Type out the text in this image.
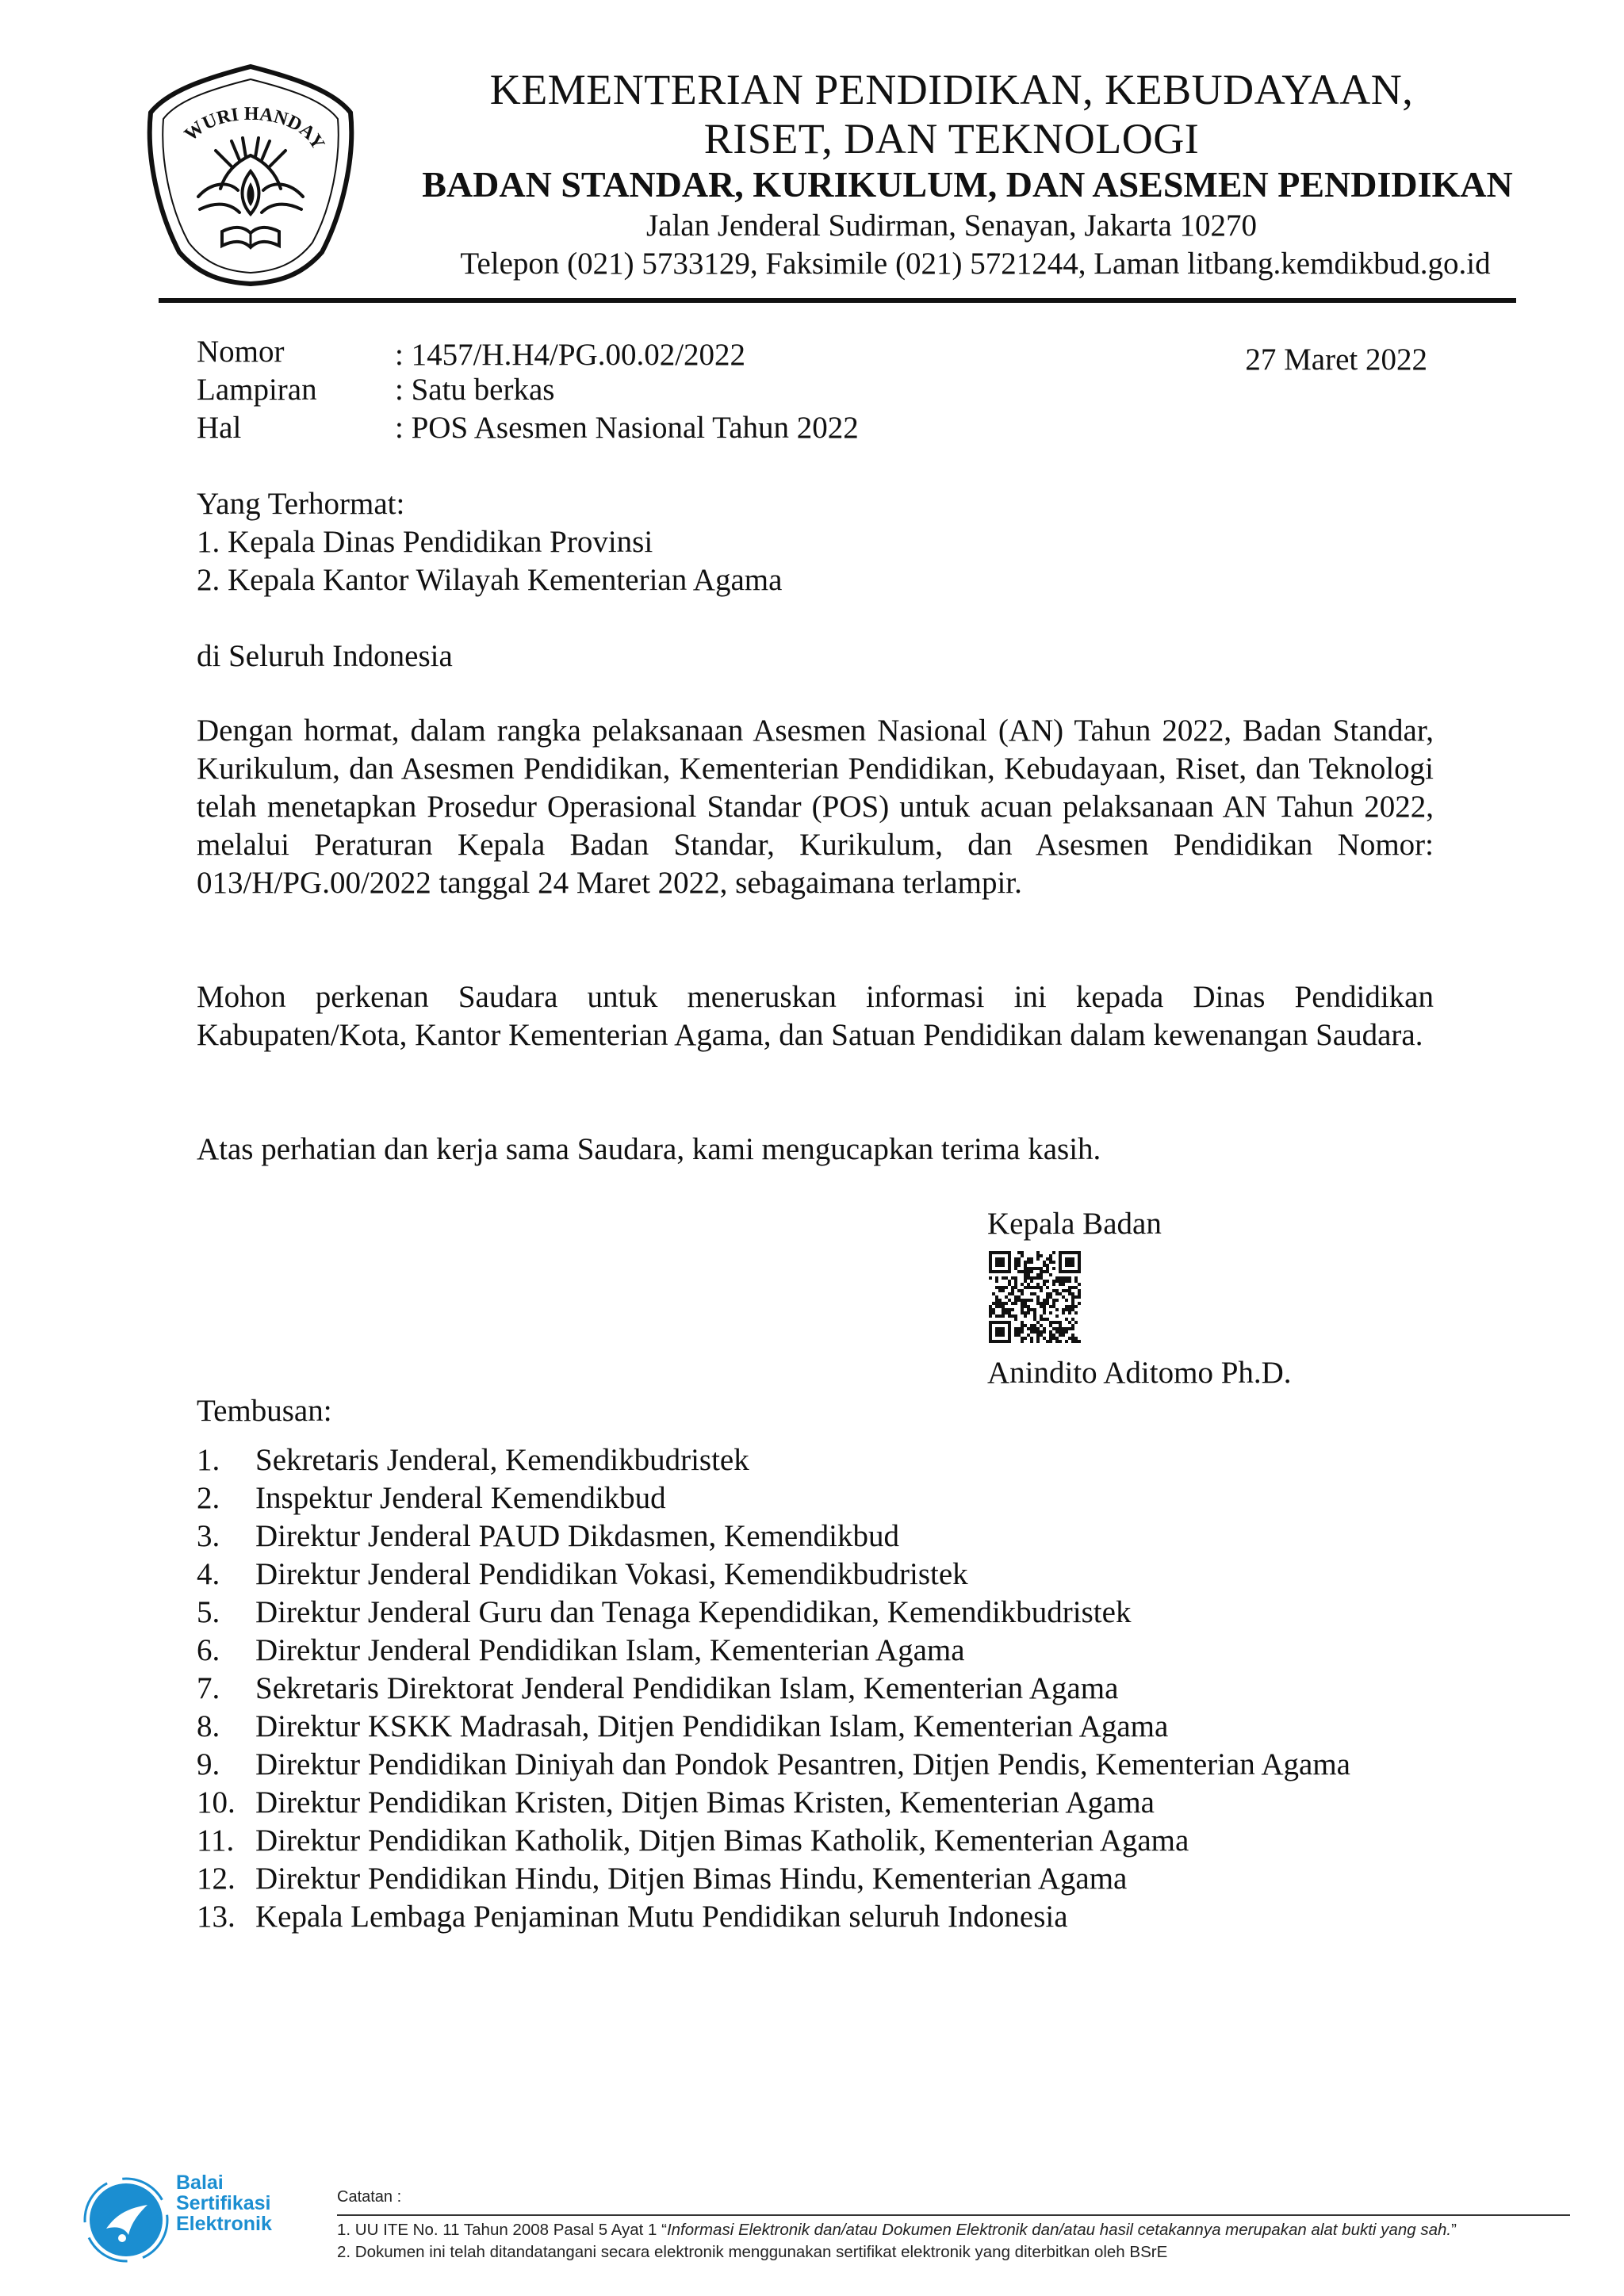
WURI HANDAY
KEMENTERIAN PENDIDIKAN, KEBUDAYAAN,
RISET, DAN TEKNOLOGI
BADAN STANDAR, KURIKULUM, DAN ASESMEN PENDIDIKAN
Jalan Jenderal Sudirman, Senayan, Jakarta 10270
Telepon (021) 5733129, Faksimile (021) 5721244, Laman litbang.kemdikbud.go.id
Nomor	: 1457/H.H4/PG.00.02/2022	27 Maret 2022
Lampiran	: Satu berkas
Hal	: POS Asesmen Nasional Tahun 2022
Yang Terhormat:
1. Kepala Dinas Pendidikan Provinsi
2. Kepala Kantor Wilayah Kementerian Agama
di Seluruh Indonesia
Dengan hormat, dalam rangka pelaksanaan Asesmen Nasional (AN) Tahun 2022, Badan Standar, Kurikulum, dan Asesmen Pendidikan, Kementerian Pendidikan, Kebudayaan, Riset, dan Teknologi telah menetapkan Prosedur Operasional Standar (POS) untuk acuan pelaksanaan AN Tahun 2022, melalui Peraturan Kepala Badan Standar, Kurikulum, dan Asesmen Pendidikan Nomor: 013/H/PG.00/2022 tanggal 24 Maret 2022, sebagaimana terlampir.
Mohon perkenan Saudara untuk meneruskan informasi ini kepada Dinas Pendidikan Kabupaten/Kota, Kantor Kementerian Agama, dan Satuan Pendidikan dalam kewenangan Saudara.
Atas perhatian dan kerja sama Saudara, kami mengucapkan terima kasih.
Kepala Badan
Anindito Aditomo Ph.D.
Tembusan:
1. Sekretaris Jenderal, Kemendikbudristek
2. Inspektur Jenderal Kemendikbud
3. Direktur Jenderal PAUD Dikdasmen, Kemendikbud
4. Direktur Jenderal Pendidikan Vokasi, Kemendikbudristek
5. Direktur Jenderal Guru dan Tenaga Kependidikan, Kemendikbudristek
6. Direktur Jenderal Pendidikan Islam, Kementerian Agama
7. Sekretaris Direktorat Jenderal Pendidikan Islam, Kementerian Agama
8. Direktur KSKK Madrasah, Ditjen Pendidikan Islam, Kementerian Agama
9. Direktur Pendidikan Diniyah dan Pondok Pesantren, Ditjen Pendis, Kementerian Agama
10. Direktur Pendidikan Kristen, Ditjen Bimas Kristen, Kementerian Agama
11. Direktur Pendidikan Katholik, Ditjen Bimas Katholik, Kementerian Agama
12. Direktur Pendidikan Hindu, Ditjen Bimas Hindu, Kementerian Agama
13. Kepala Lembaga Penjaminan Mutu Pendidikan seluruh Indonesia
Balai
Sertifikasi
Elektronik
Catatan :
1. UU ITE No. 11 Tahun 2008 Pasal 5 Ayat 1 “Informasi Elektronik dan/atau Dokumen Elektronik dan/atau hasil cetakannya merupakan alat bukti yang sah.”
2. Dokumen ini telah ditandatangani secara elektronik menggunakan sertifikat elektronik yang diterbitkan oleh BSrE
